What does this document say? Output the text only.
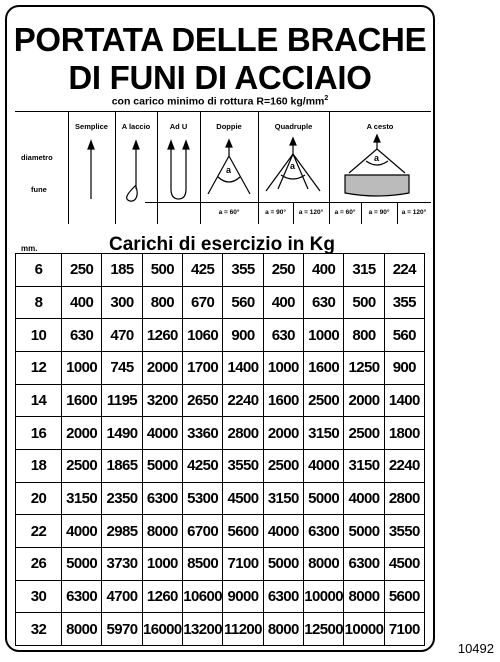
PORTATA DELLE BRACHE
DI FUNI DI ACCIAIO
con carico minimo di rottura R=160 $kg/mm^2$
diametro
fune
Semplice	A laccio	Ad U	Doppie	Quadruple	A cesto
a	a
a
a = 60°	a = 90°	a = 120°	a = 60°	a = 90°	a = 120°
mm.	Carichi di esercizio in Kg
6	250	185	500	425	355	250	400	315	224
8	400	300	800	670	560	400	630	500	355
10	630	470	1260	1060	900	630	1000	800	560
12	1000	745	2000	1700	1400	1000	1600	1250	900
14	1600	1195	3200	2650	2240	1600	2500	2000	1400
16	2000	1490	4000	3360	2800	2000	3150	2500	1800
18	2500	1865	5000	4250	3550	2500	4000	3150	2240
20	3150	2350	6300	5300	4500	3150	5000	4000	2800
22	4000	2985	8000	6700	5600	4000	6300	5000	3550
26	5000	3730	1000	8500	7100	5000	8000	6300	4500
30	6300	4700	1260	10600	9000	6300	10000	8000	5600
32	8000	5970	16000	13200	11200	8000	12500	10000	7100
10492
